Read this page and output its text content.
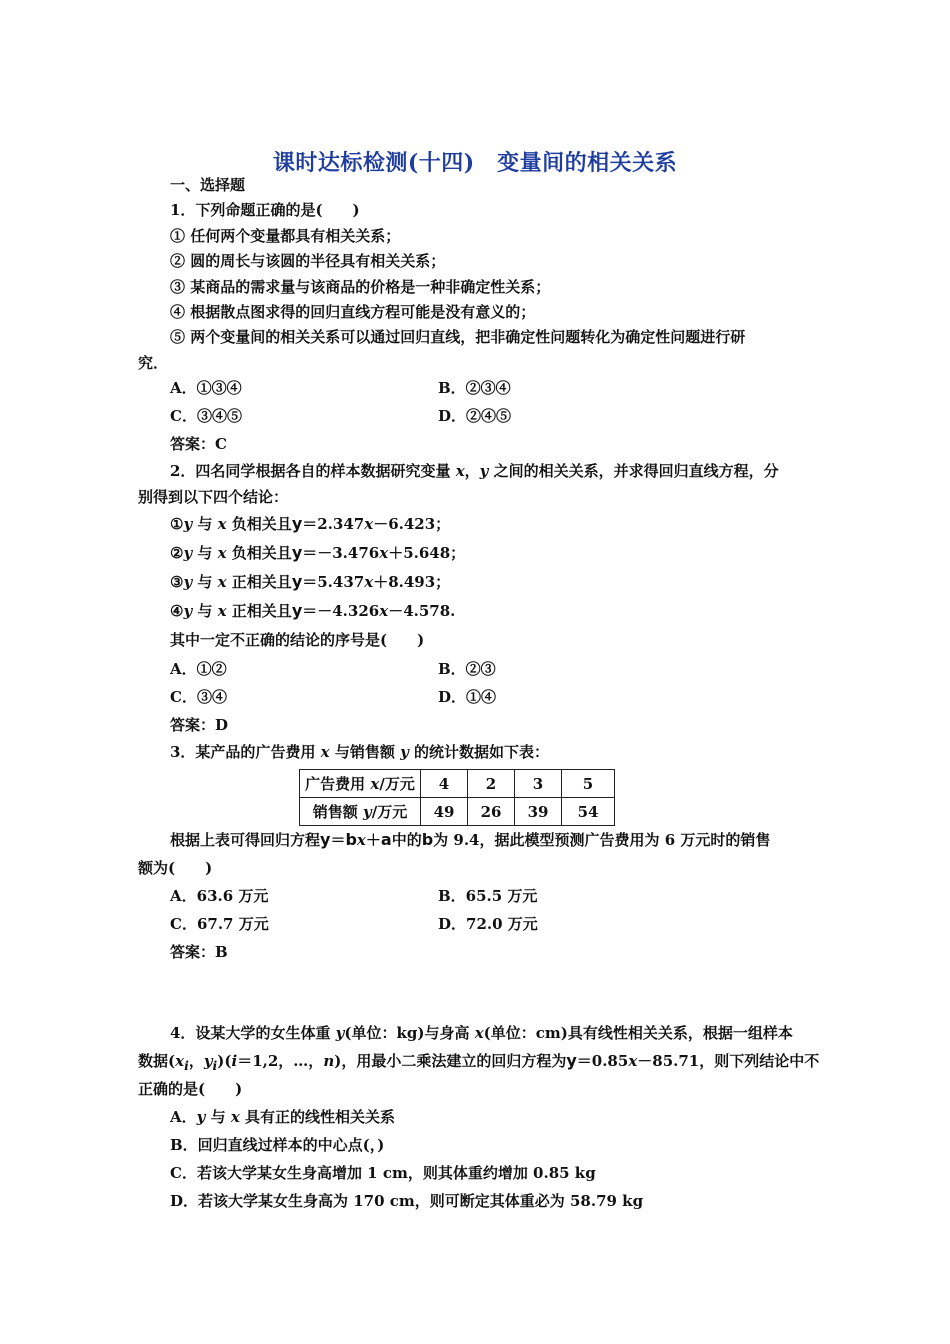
课时达标检测(十四)　变量间的相关关系
一、选择题
1．下列命题正确的是(　　)
① 任何两个变量都具有相关关系；
② 圆的周长与该圆的半径具有相关关系；
③ 某商品的需求量与该商品的价格是一种非确定性关系；
④ 根据散点图求得的回归直线方程可能是没有意义的；
⑤ 两个变量间的相关关系可以通过回归直线，把非确定性问题转化为确定性问题进行研
究．
A．①③④	B．②③④
C．③④⑤	D．②④⑤
答案：C
2．四名同学根据各自的样本数据研究变量 x，y 之间的相关关系，并求得回归直线方程，分
别得到以下四个结论：
①y 与 x 负相关且y＝2.347x－6.423；
②y 与 x 负相关且y＝－3.476x＋5.648；
③y 与 x 正相关且y＝5.437x＋8.493；
④y 与 x 正相关且y＝－4.326x－4.578.
其中一定不正确的结论的序号是(　　)
A．①②	B．②③
C．③④	D．①④
答案：D
3．某产品的广告费用 x 与销售额 y 的统计数据如下表：
广告费用 x/万元	4	2	3	5
销售额 y/万元	49	26	39	54
根据上表可得回归方程y＝bx＋a中的b为 9.4，据此模型预测广告费用为 6 万元时的销售
额为(　　)
A．63.6 万元	B．65.5 万元
C．67.7 万元	D．72.0 万元
答案：B
4．设某大学的女生体重 y(单位：kg)与身高 x(单位：cm)具有线性相关关系，根据一组样本
数据($x_i$，$y_i)(i=1,2$，…，n)，用最小二乘法建立的回归方程为y＝0.85x－85.71，则下列结论中不
正确的是(　　)
A．y 与 x 具有正的线性相关关系
B．回归直线过样本的中心点(，)
C．若该大学某女生身高增加 1 cm，则其体重约增加 0.85 kg
D．若该大学某女生身高为 170 cm，则可断定其体重必为 58.79 kg
